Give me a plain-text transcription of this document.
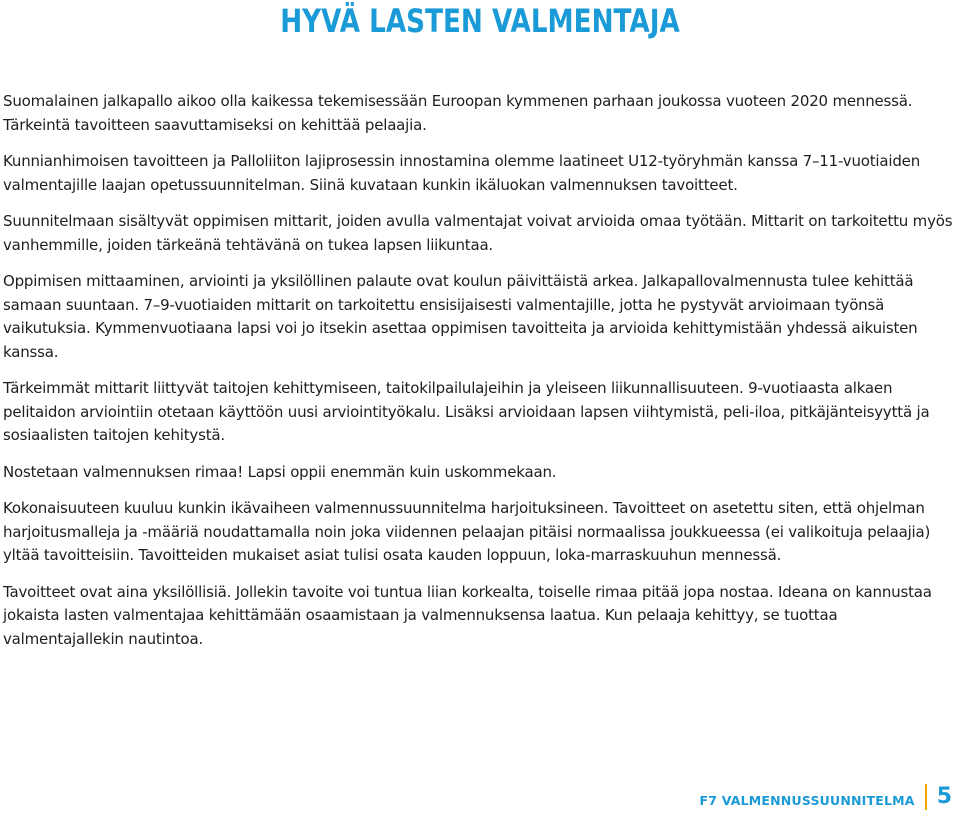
HYVÄ LASTEN VALMENTAJA

Suomalainen jalkapallo aikoo olla kaikessa tekemisessään Euroopan kymmenen parhaan joukossa vuoteen 2020 mennessä. Tärkeintä tavoitteen saavuttamiseksi on kehittää pelaajia.

Kunnianhimoisen tavoitteen ja Palloliiton lajiprosessin innostamina olemme laatineet U12-työryhmän kanssa 7–11-vuotiaiden valmentajille laajan opetussuunnitelman. Siinä kuvataan kunkin ikäluokan valmennuksen tavoitteet.

Suunnitelmaan sisältyvät oppimisen mittarit, joiden avulla valmentajat voivat arvioida omaa työtään. Mittarit on tarkoitettu myös vanhemmille, joiden tärkeänä tehtävänä on tukea lapsen liikuntaa.

Oppimisen mittaaminen, arviointi ja yksilöllinen palaute ovat koulun päivittäistä arkea. Jalkapallovalmennusta tulee kehittää samaan suuntaan. 7–9-vuotiaiden mittarit on tarkoitettu ensisijaisesti valmentajille, jotta he pystyvät arvioimaan työnsä vaikutuksia. Kymmenvuotiaana lapsi voi jo itsekin asettaa oppimisen tavoitteita ja arvioida kehittymistään yhdessä aikuisten kanssa.

Tärkeimmät mittarit liittyvät taitojen kehittymiseen, taitokilpailulajeihin ja yleiseen liikunnallisuuteen. 9-vuotiaasta alkaen pelitaidon arviointiin otetaan käyttöön uusi arviointityökalu. Lisäksi arvioidaan lapsen viihtymistä, peli-iloa, pitkäjänteisyyttä ja sosiaalisten taitojen kehitystä.

Nostetaan valmennuksen rimaa! Lapsi oppii enemmän kuin uskommekaan.

Kokonaisuuteen kuuluu kunkin ikävaiheen valmennussuunnitelma harjoituksineen. Tavoitteet on asetettu siten, että ohjelman harjoitusmalleja ja -määriä noudattamalla noin joka viidennen pelaajan pitäisi normaalissa joukkueessa (ei valikoituja pelaajia) yltää tavoitteisiin. Tavoitteiden mukaiset asiat tulisi osata kauden loppuun, loka-marraskuuhun mennessä.

Tavoitteet ovat aina yksilöllisiä. Jollekin tavoite voi tuntua liian korkealta, toiselle rimaa pitää jopa nostaa. Ideana on kannustaa jokaista lasten valmentajaa kehittämään osaamistaan ja valmennuksensa laatua. Kun pelaaja kehittyy, se tuottaa valmentajallekin nautintoa.

F7 VALMENNUSSUUNNITELMA 5
